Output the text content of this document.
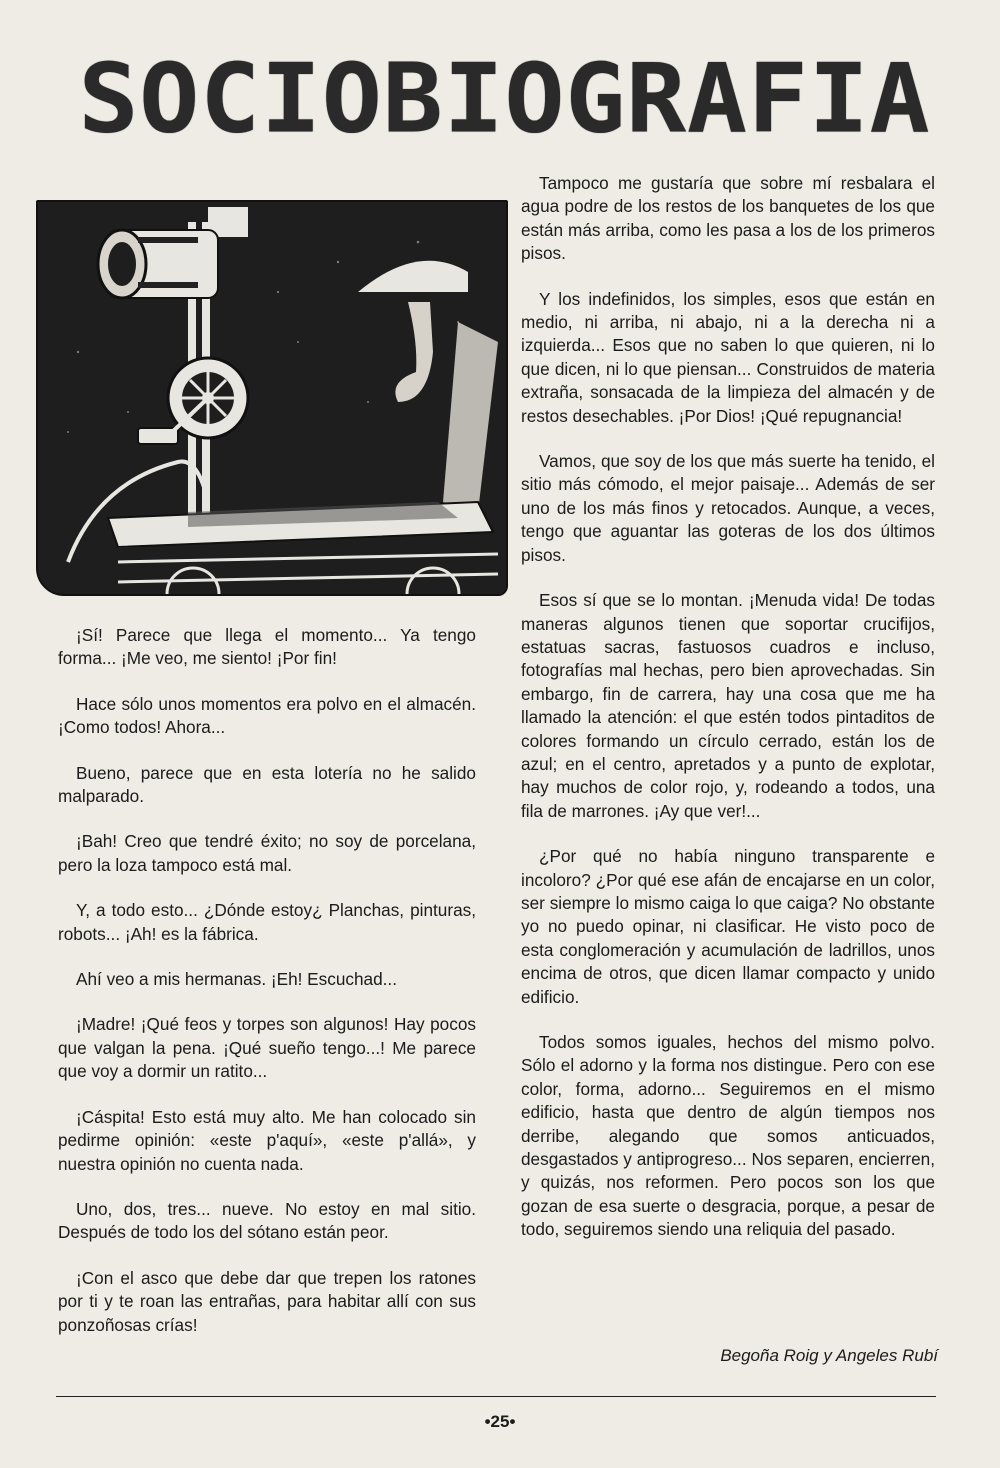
S O C I O B I O G R A F I A

¡Sí! Parece que llega el momento... Ya tengo forma... ¡Me veo, me siento! ¡Por fin!

Hace sólo unos momentos era polvo en el almacén. ¡Como todos! Ahora...

Bueno, parece que en esta lotería no he salido malparado.

¡Bah! Creo que tendré éxito; no soy de porcelana, pero la loza tampoco está mal.

Y, a todo esto... ¿Dónde estoy¿ Planchas, pinturas, robots... ¡Ah! es la fábrica.

Ahí veo a mis hermanas. ¡Eh! Escuchad...

¡Madre! ¡Qué feos y torpes son algunos! Hay pocos que valgan la pena. ¡Qué sueño tengo...! Me parece que voy a dormir un ratito...

¡Cáspita! Esto está muy alto. Me han colocado sin pedirme opinión: «este p'aquí», «este p'allá», y nuestra opinión no cuenta nada.

Uno, dos, tres... nueve. No estoy en mal sitio. Después de todo los del sótano están peor.

¡Con el asco que debe dar que trepen los ratones por ti y te roan las entrañas, para habitar allí con sus ponzoñosas crías!

Tampoco me gustaría que sobre mí resbalara el agua podre de los restos de los banquetes de los que están más arriba, como les pasa a los de los primeros pisos.

Y los indefinidos, los simples, esos que están en medio, ni arriba, ni abajo, ni a la derecha ni a izquierda... Esos que no saben lo que quieren, ni lo que dicen, ni lo que piensan... Construidos de materia extraña, sonsacada de la limpieza del almacén y de restos desechables. ¡Por Dios! ¡Qué repugnancia!

Vamos, que soy de los que más suerte ha tenido, el sitio más cómodo, el mejor paisaje... Además de ser uno de los más finos y retocados. Aunque, a veces, tengo que aguantar las goteras de los dos últimos pisos.

Esos sí que se lo montan. ¡Menuda vida! De todas maneras algunos tienen que soportar crucifijos, estatuas sacras, fastuosos cuadros e incluso, fotografías mal hechas, pero bien aprovechadas. Sin embargo, fin de carrera, hay una cosa que me ha llamado la atención: el que estén todos pintaditos de colores formando un círculo cerrado, están los de azul; en el centro, apretados y a punto de explotar, hay muchos de color rojo, y, rodeando a todos, una fila de marrones. ¡Ay que ver!...

¿Por qué no había ninguno transparente e incoloro? ¿Por qué ese afán de encajarse en un color, ser siempre lo mismo caiga lo que caiga? No obstante yo no puedo opinar, ni clasificar. He visto poco de esta conglomeración y acumulación de ladrillos, unos encima de otros, que dicen llamar compacto y unido edificio.

Todos somos iguales, hechos del mismo polvo. Sólo el adorno y la forma nos distingue. Pero con ese color, forma, adorno... Seguiremos en el mismo edificio, hasta que dentro de algún tiempos nos derribe, alegando que somos anticuados, desgastados y antiprogreso... Nos separen, encierren, y quizás, nos reformen. Pero pocos son los que gozan de esa suerte o desgracia, porque, a pesar de todo, seguiremos siendo una reliquia del pasado.

Begoña Roig y Angeles Rubí
•25•
